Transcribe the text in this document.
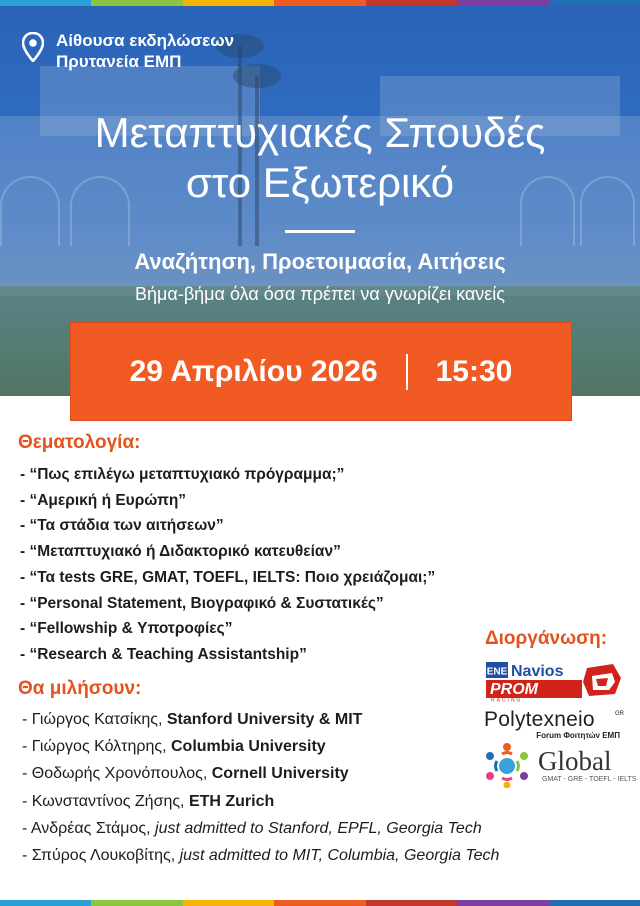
Αίθουσα εκδηλώσεων
Πρυτανεία ΕΜΠ
Μεταπτυχιακές Σπουδές
στο Εξωτερικό
Αναζήτηση, Προετοιμασία, Αιτήσεις
Βήμα-βήμα όλα όσα πρέπει να γνωρίζει κανείς
29 Απριλίου 2026 15:30
Θεματολογία:
- “Πως επιλέγω μεταπτυχιακό πρόγραμμα;”
- “Αμερική ή Ευρώπη”
- “Τα στάδια των αιτήσεων”
- “Μεταπτυχιακό ή Διδακτορικό κατευθείαν”
- “Τα tests GRE, GMAT, TOEFL, IELTS: Ποιο χρειάζομαι;”
- “Personal Statement, Βιογραφικό & Συστατικές”
- “Fellowship & Υποτροφίες”
- “Research & Teaching Assistantship”
Θα μιλήσουν:
- Γιώργος Κατσίκης, Stanford University & MIT
- Γιώργος Κόλτηρης, Columbia University
- Θοδωρής Χρονόπουλος, Cornell University
- Κωνσταντίνος Ζήσης, ETH Zurich
- Ανδρέας Στάμος, just admitted to Stanford, EPFL, Georgia Tech
- Σπύρος Λουκοβίτης, just admitted to MIT, Columbia, Georgia Tech
Διοργάνωση:
ENE Navios
PROM
RACING
Polytexneio	GR
Forum Φοιτητών ΕΜΠ
Global
GMAT - GRE - TOEFL - IELTS
